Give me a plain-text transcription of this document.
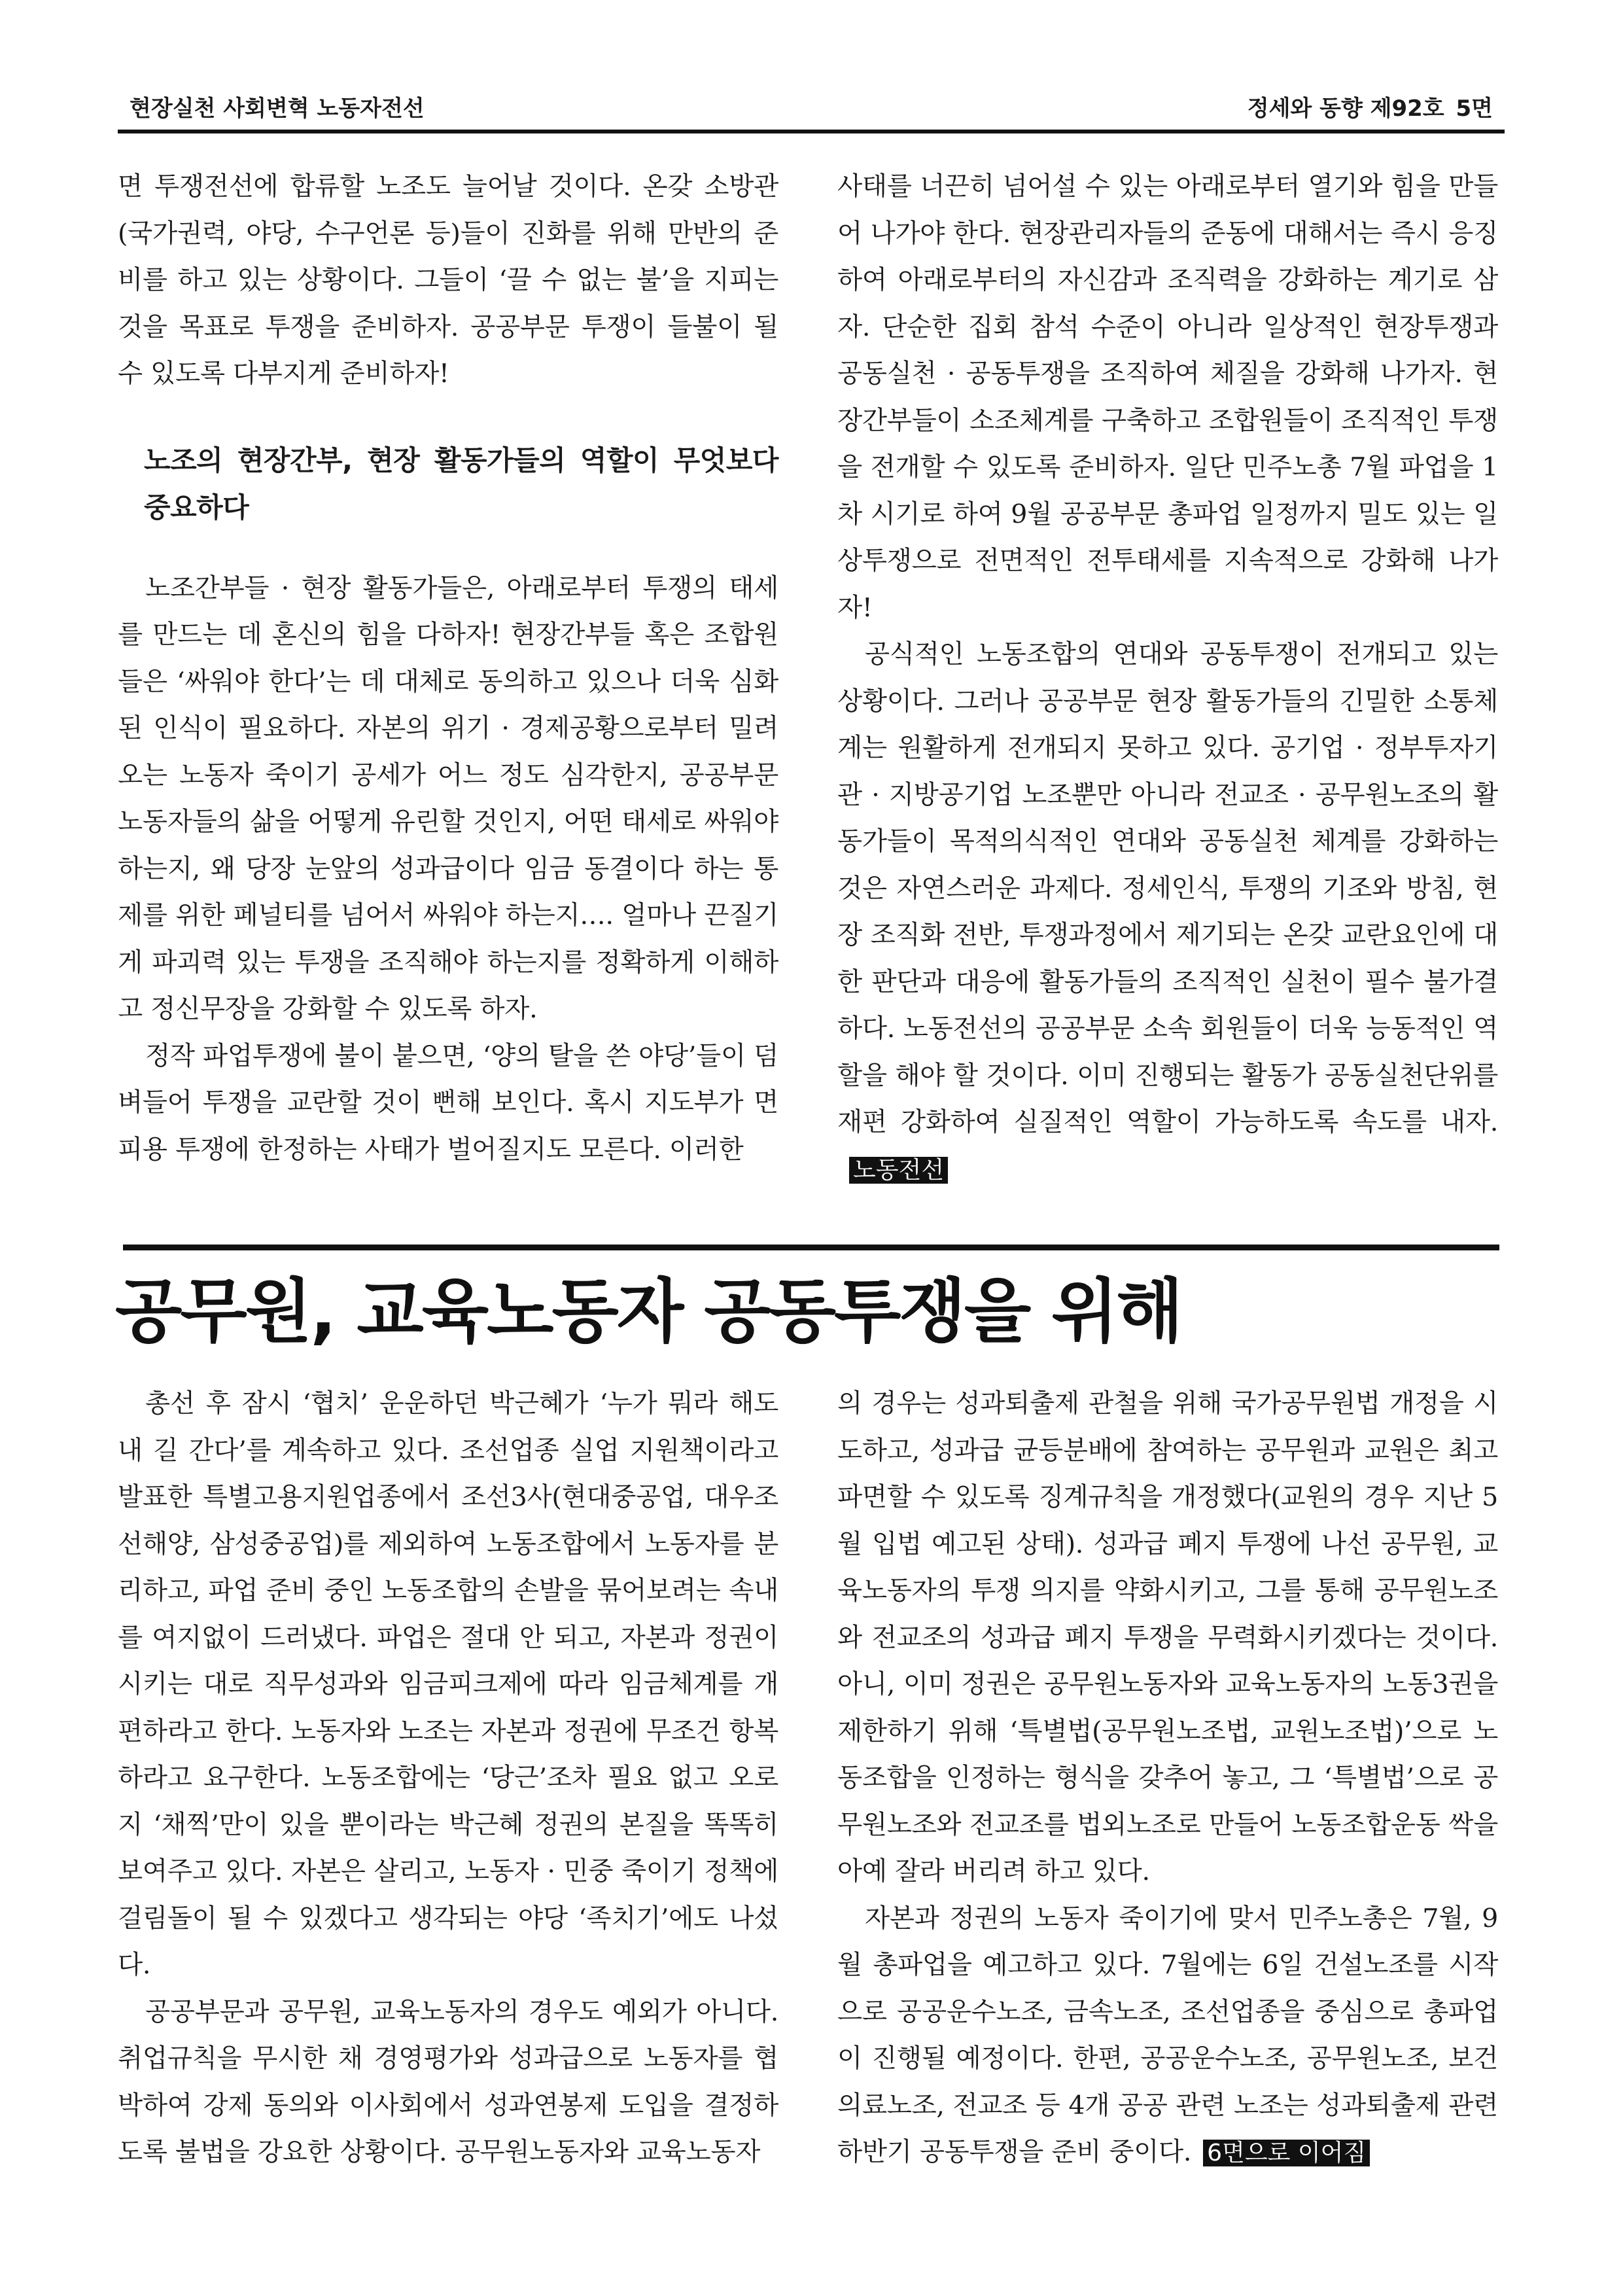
현장실천 사회변혁 노동자전선	정세와 동향 제92호 5면

면 투쟁전선에 합류할 노조도 늘어날 것이다. 온갖 소방관(국가권력, 야당, 수구언론 등)들이 진화를 위해 만반의 준비를 하고 있는 상황이다. 그들이 ‘끌 수 없는 불’을 지피는 것을 목표로 투쟁을 준비하자. 공공부문 투쟁이 들불이 될 수 있도록 다부지게 준비하자!

노조의 현장간부, 현장 활동가들의 역할이 무엇보다 중요하다

노조간부들 · 현장 활동가들은, 아래로부터 투쟁의 태세를 만드는 데 혼신의 힘을 다하자! 현장간부들 혹은 조합원들은 ‘싸워야 한다’는 데 대체로 동의하고 있으나 더욱 심화된 인식이 필요하다. 자본의 위기 · 경제공황으로부터 밀려오는 노동자 죽이기 공세가 어느 정도 심각한지, 공공부문 노동자들의 삶을 어떻게 유린할 것인지, 어떤 태세로 싸워야 하는지, 왜 당장 눈앞의 성과급이다 임금 동결이다 하는 통제를 위한 페널티를 넘어서 싸워야 하는지…. 얼마나 끈질기게 파괴력 있는 투쟁을 조직해야 하는지를 정확하게 이해하고 정신무장을 강화할 수 있도록 하자.

정작 파업투쟁에 불이 붙으면, ‘양의 탈을 쓴 야당’들이 덤벼들어 투쟁을 교란할 것이 뻔해 보인다. 혹시 지도부가 면피용 투쟁에 한정하는 사태가 벌어질지도 모른다. 이러한

사태를 너끈히 넘어설 수 있는 아래로부터 열기와 힘을 만들어 나가야 한다. 현장관리자들의 준동에 대해서는 즉시 응징하여 아래로부터의 자신감과 조직력을 강화하는 계기로 삼자. 단순한 집회 참석 수준이 아니라 일상적인 현장투쟁과 공동실천 · 공동투쟁을 조직하여 체질을 강화해 나가자. 현장간부들이 소조체계를 구축하고 조합원들이 조직적인 투쟁을 전개할 수 있도록 준비하자. 일단 민주노총 7월 파업을 1차 시기로 하여 9월 공공부문 총파업 일정까지 밀도 있는 일상투쟁으로 전면적인 전투태세를 지속적으로 강화해 나가자!

공식적인 노동조합의 연대와 공동투쟁이 전개되고 있는 상황이다. 그러나 공공부문 현장 활동가들의 긴밀한 소통체계는 원활하게 전개되지 못하고 있다. 공기업 · 정부투자기관 · 지방공기업 노조뿐만 아니라 전교조 · 공무원노조의 활동가들이 목적의식적인 연대와 공동실천 체계를 강화하는 것은 자연스러운 과제다. 정세인식, 투쟁의 기조와 방침, 현장 조직화 전반, 투쟁과정에서 제기되는 온갖 교란요인에 대한 판단과 대응에 활동가들의 조직적인 실천이 필수 불가결하다. 노동전선의 공공부문 소속 회원들이 더욱 능동적인 역할을 해야 할 것이다. 이미 진행되는 활동가 공동실천단위를 재편 강화하여 실질적인 역할이 가능하도록 속도를 내자.노동전선

공무원, 교육노동자 공동투쟁을 위해

총선 후 잠시 ‘협치’ 운운하던 박근혜가 ‘누가 뭐라 해도 내 길 간다’를 계속하고 있다. 조선업종 실업 지원책이라고 발표한 특별고용지원업종에서 조선3사(현대중공업, 대우조선해양, 삼성중공업)를 제외하여 노동조합에서 노동자를 분리하고, 파업 준비 중인 노동조합의 손발을 묶어보려는 속내를 여지없이 드러냈다. 파업은 절대 안 되고, 자본과 정권이 시키는 대로 직무성과와 임금피크제에 따라 임금체계를 개편하라고 한다. 노동자와 노조는 자본과 정권에 무조건 항복하라고 요구한다. 노동조합에는 ‘당근’조차 필요 없고 오로지 ‘채찍’만이 있을 뿐이라는 박근혜 정권의 본질을 똑똑히 보여주고 있다. 자본은 살리고, 노동자 · 민중 죽이기 정책에 걸림돌이 될 수 있겠다고 생각되는 야당 ‘족치기’에도 나섰다.

공공부문과 공무원, 교육노동자의 경우도 예외가 아니다. 취업규칙을 무시한 채 경영평가와 성과급으로 노동자를 협박하여 강제 동의와 이사회에서 성과연봉제 도입을 결정하도록 불법을 강요한 상황이다. 공무원노동자와 교육노동자

의 경우는 성과퇴출제 관철을 위해 국가공무원법 개정을 시도하고, 성과급 균등분배에 참여하는 공무원과 교원은 최고 파면할 수 있도록 징계규칙을 개정했다(교원의 경우 지난 5월 입법 예고된 상태). 성과급 폐지 투쟁에 나선 공무원, 교육노동자의 투쟁 의지를 약화시키고, 그를 통해 공무원노조와 전교조의 성과급 폐지 투쟁을 무력화시키겠다는 것이다. 아니, 이미 정권은 공무원노동자와 교육노동자의 노동3권을 제한하기 위해 ‘특별법(공무원노조법, 교원노조법)’으로 노동조합을 인정하는 형식을 갖추어 놓고, 그 ‘특별법’으로 공무원노조와 전교조를 법외노조로 만들어 노동조합운동 싹을 아예 잘라 버리려 하고 있다.

자본과 정권의 노동자 죽이기에 맞서 민주노총은 7월, 9월 총파업을 예고하고 있다. 7월에는 6일 건설노조를 시작으로 공공운수노조, 금속노조, 조선업종을 중심으로 총파업이 진행될 예정이다. 한편, 공공운수노조, 공무원노조, 보건의료노조, 전교조 등 4개 공공 관련 노조는 성과퇴출제 관련 하반기 공동투쟁을 준비 중이다. 6면으로 이어짐
